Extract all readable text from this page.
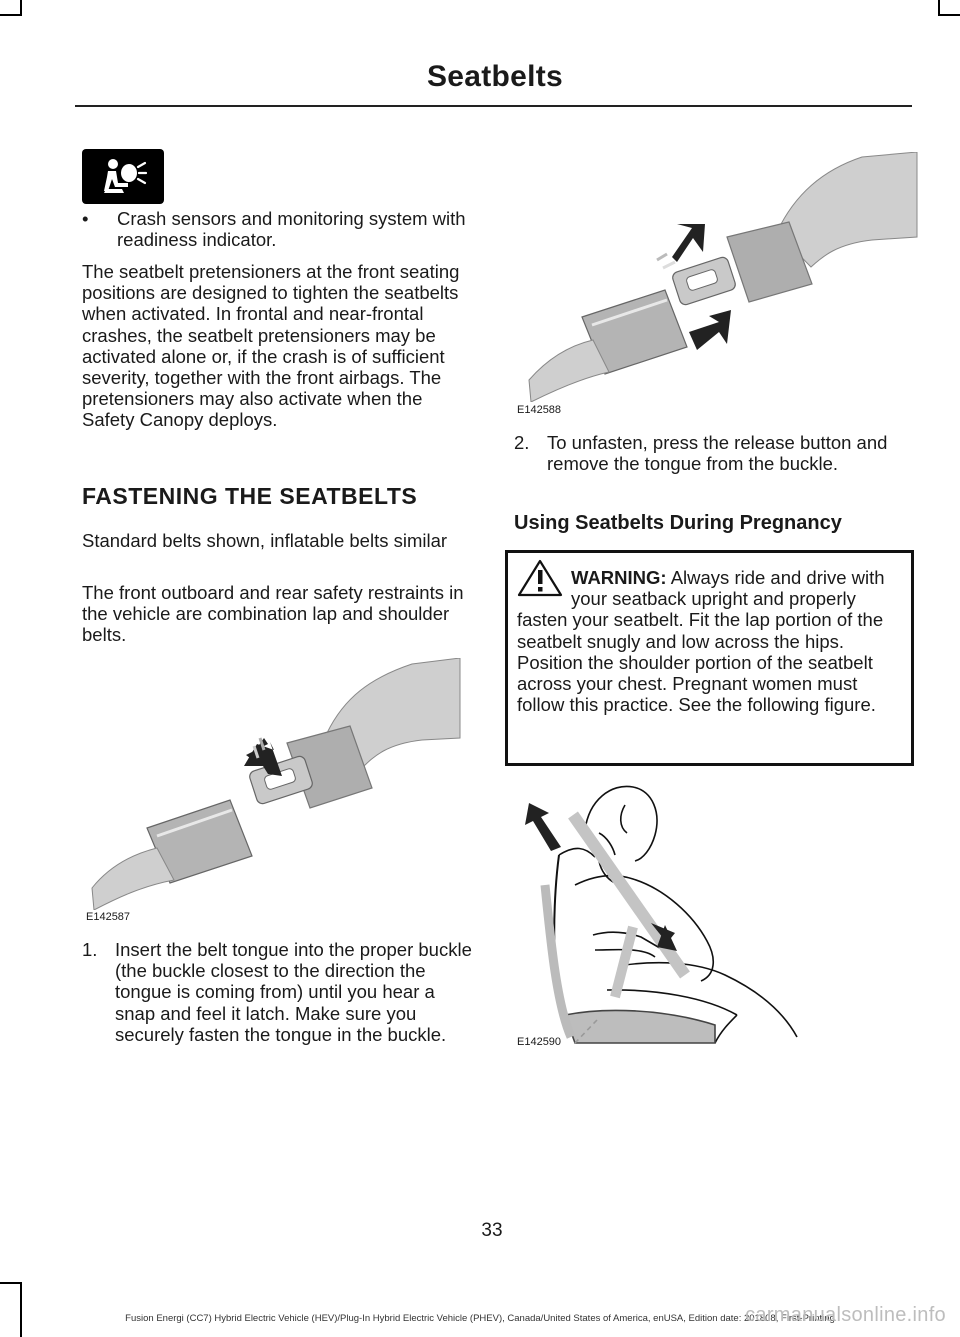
Seatbelts
•	Crash sensors and monitoring system with readiness indicator.

The seatbelt pretensioners at the front seating positions are designed to tighten the seatbelts when activated. In frontal and near-frontal crashes, the seatbelt pretensioners may be activated alone or, if the crash is of sufficient severity, together with the front airbags. The pretensioners may also activate when the Safety Canopy deploys.

FASTENING THE SEATBELTS

Standard belts shown, inflatable belts similar

The front outboard and rear safety restraints in the vehicle are combination lap and shoulder belts.

E142587
1. Insert the belt tongue into the proper buckle (the buckle closest to the direction the tongue is coming from) until you hear a snap and feel it latch. Make sure you securely fasten the tongue in the buckle.
E142588
2. To unfasten, press the release button and remove the tongue from the buckle.
Using Seatbelts During Pregnancy
WARNING: Always ride and drive with your seatback upright and properly fasten your seatbelt. Fit the lap portion of the seatbelt snugly and low across the hips. Position the shoulder portion of the seatbelt across your chest. Pregnant women must follow this practice. See the following figure.
E142590
33
Fusion Energi (CC7) Hybrid Electric Vehicle (HEV)/Plug-In Hybrid Electric Vehicle (PHEV), Canada/United States of America, enUSA, Edition date: 201808, First-Printing
carmanualsonline.info
